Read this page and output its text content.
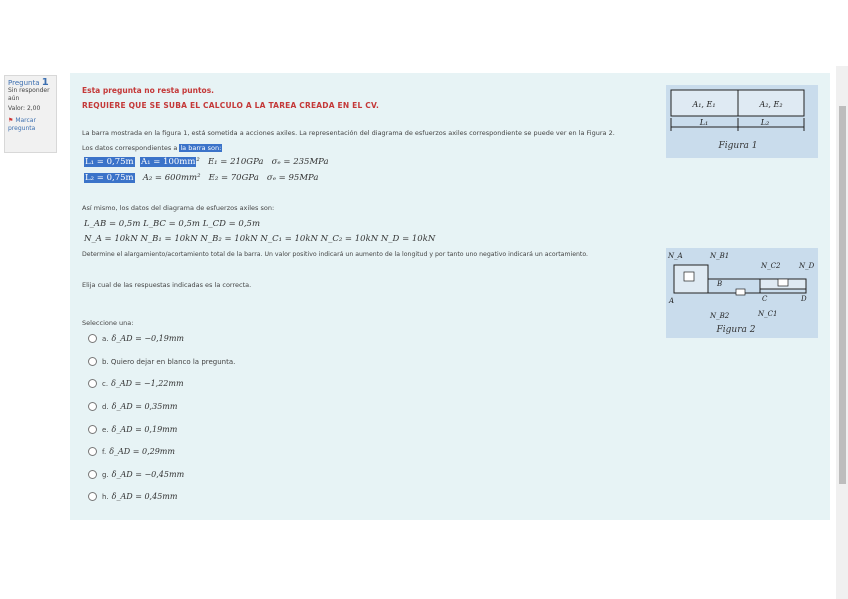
Pregunta 1
Sin responder aún
Valor: 2,00
⚑ Marcar pregunta
Esta pregunta no resta puntos.
REQUIERE QUE SE SUBA EL CALCULO A LA TAREA CREADA EN EL CV.
La barra mostrada en la figura 1, está sometida a acciones axiles. La representación del diagrama de esfuerzos axiles correspondiente se puede ver en la Figura 2.
Los datos correspondientes a la barra son:
L₁ = 0,75m A₁ = 100mm² E₁ = 210GPa σₑ = 235MPa
L₂ = 0,75m A₂ = 600mm² E₂ = 70GPa σₑ = 95MPa
Así mismo, los datos del diagrama de esfuerzos axiles son:
L_AB = 0,5m L_BC = 0,5m L_CD = 0,5m
N_A = 10kN N_B₁ = 10kN N_B₂ = 10kN N_C₁ = 10kN N_C₂ = 10kN N_D = 10kN
Determine el alargamiento/acortamiento total de la barra. Un valor positivo indicará un aumento de la longitud y por tanto uno negativo indicará un acortamiento.
Elija cual de las respuestas indicadas es la correcta.
Seleccione una:
a. δ_AD = −0,19mm
b.
Quiero dejar en blanco la pregunta.
c. δ_AD = −1,22mm
d. δ_AD = 0,35mm
e. δ_AD = 0,19mm
f. δ_AD = 0,29mm
g. δ_AD = −0,45mm
h. δ_AD = 0,45mm
A₁, E₁	A₂, E₂
L₁	L₂
Figura 1
N_A	N_B1
N_C2	N_D
A
B
C	D
N_B2	N_C1
Figura 2
